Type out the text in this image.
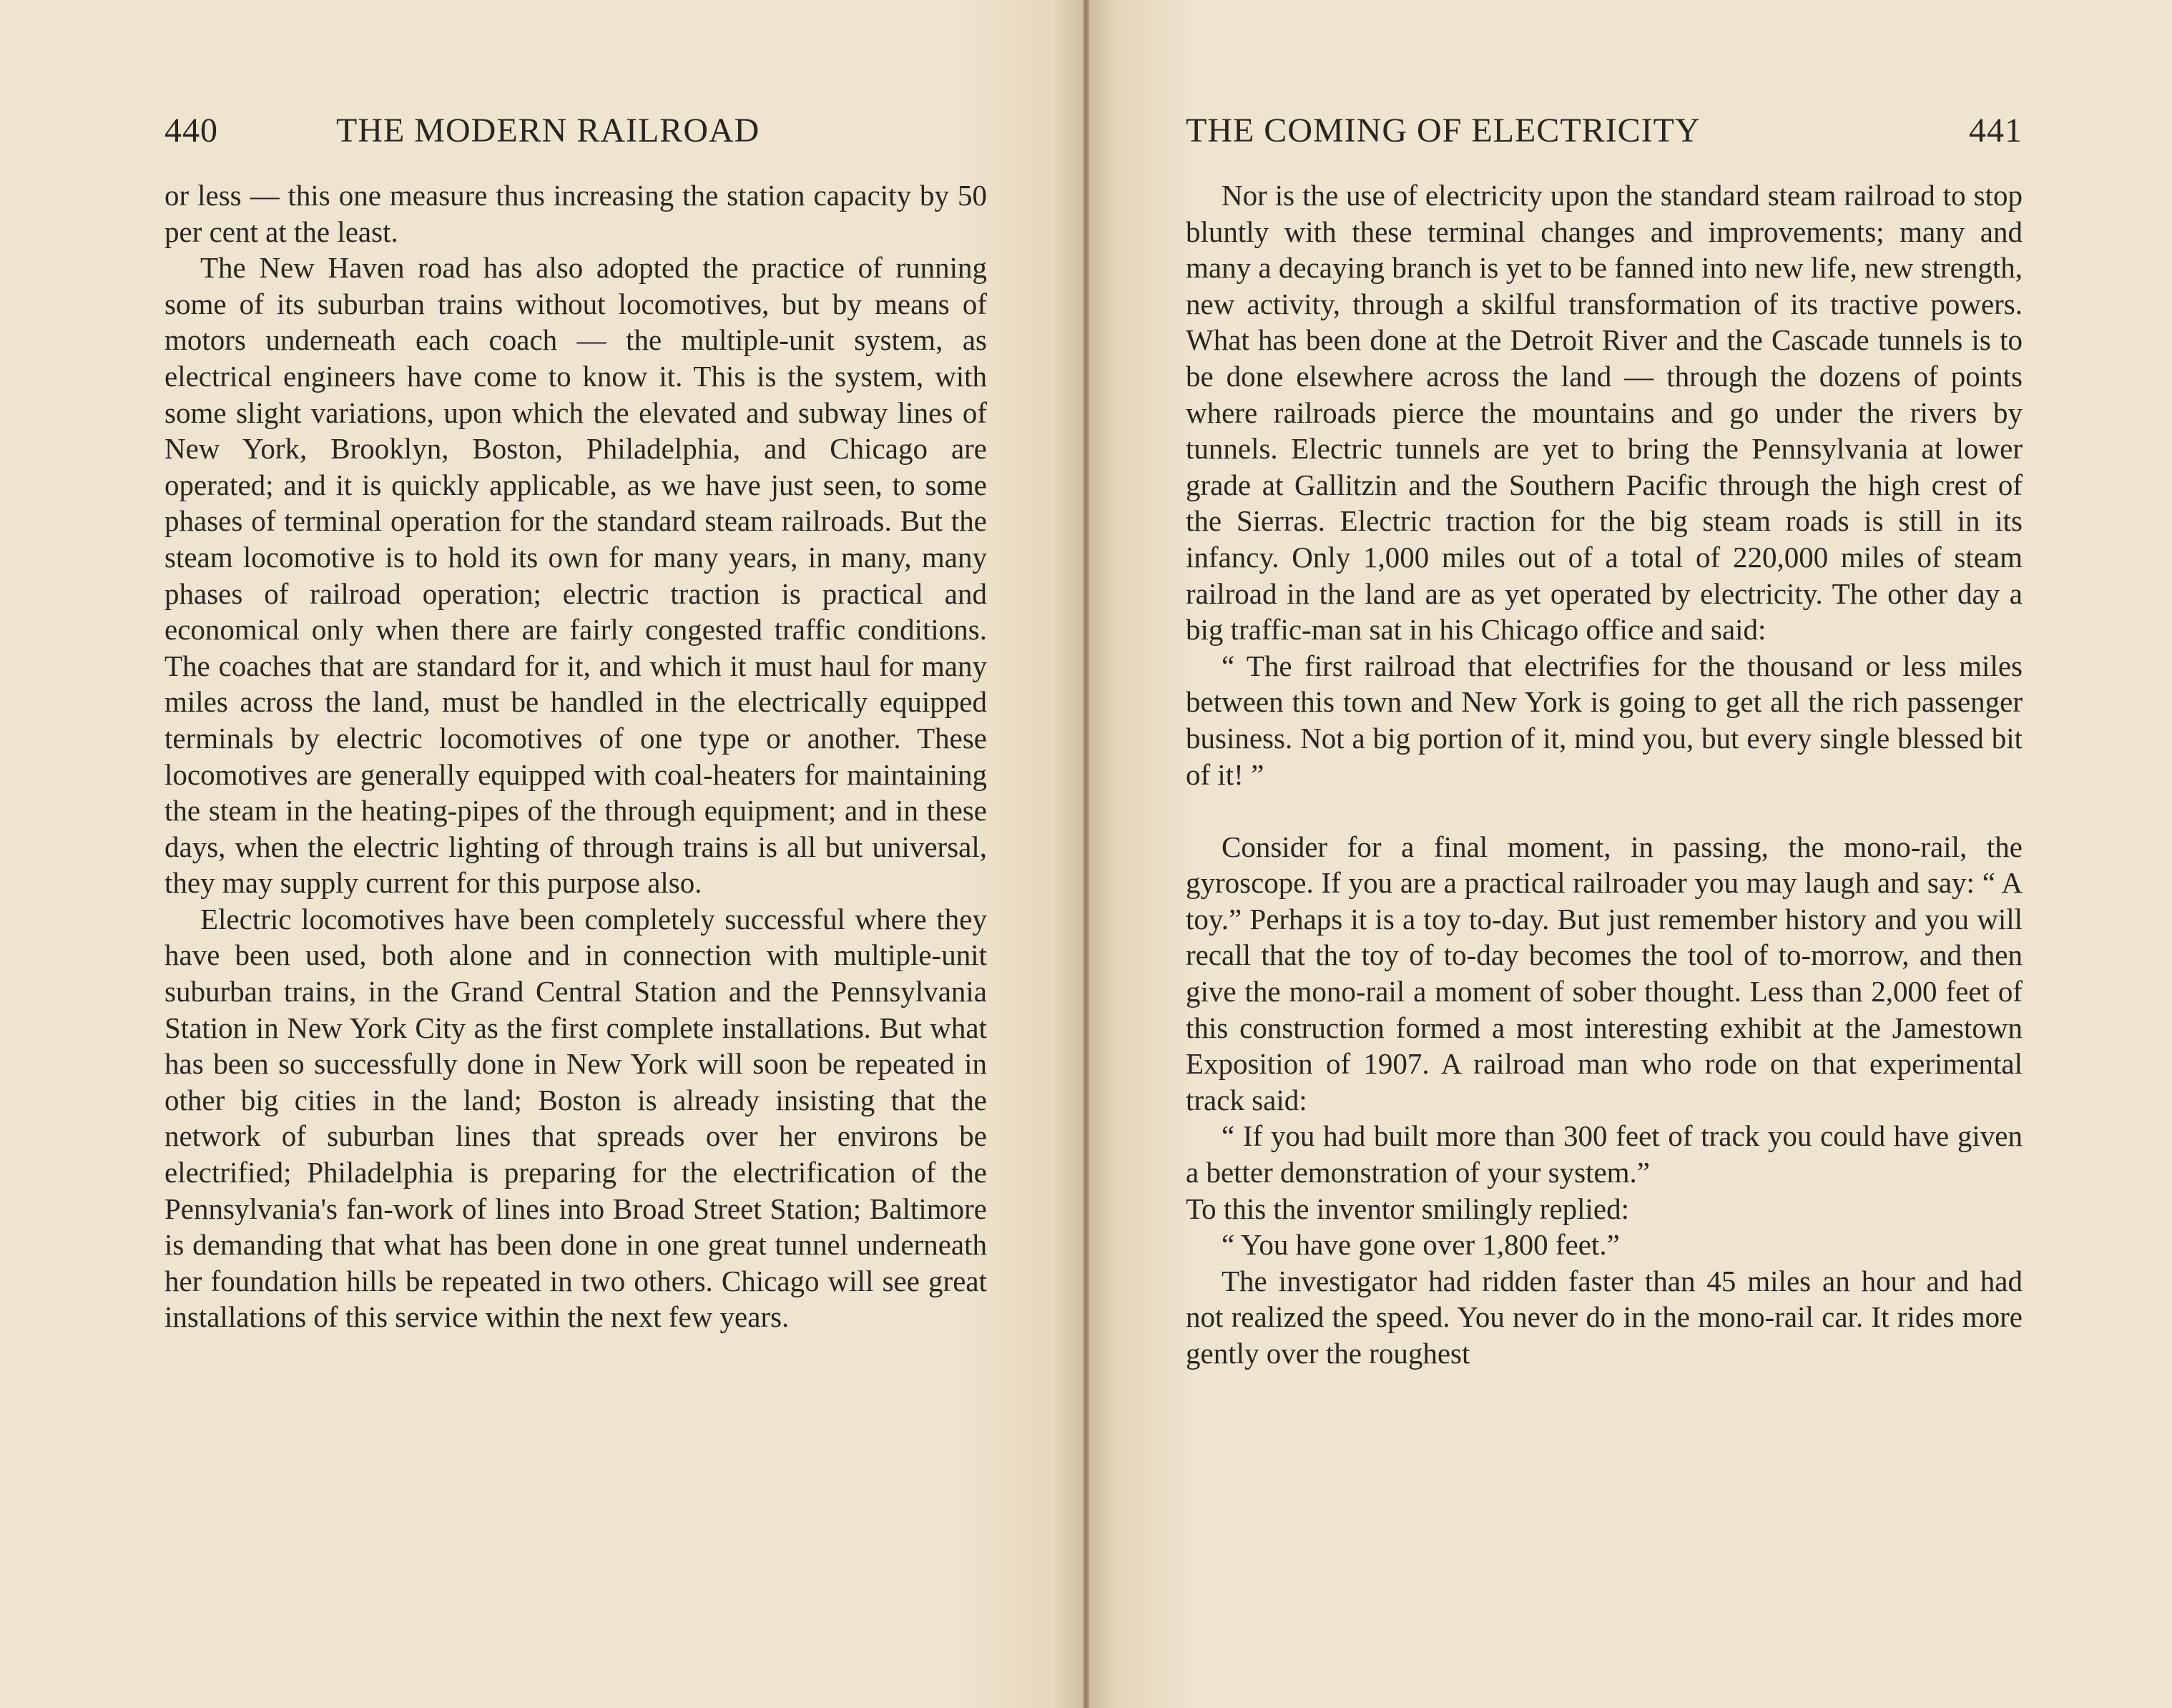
440	THE MODERN RAILROAD

or less — this one measure thus increasing the station capacity by 50 per cent at the least.

The New Haven road has also adopted the practice of running some of its suburban trains without locomotives, but by means of motors underneath each coach — the multiple-unit system, as electrical engineers have come to know it. This is the system, with some slight variations, upon which the elevated and subway lines of New York, Brooklyn, Boston, Philadelphia, and Chicago are operated; and it is quickly applicable, as we have just seen, to some phases of terminal operation for the standard steam railroads. But the steam locomotive is to hold its own for many years, in many, many phases of railroad operation; electric traction is practical and economical only when there are fairly congested traffic conditions. The coaches that are standard for it, and which it must haul for many miles across the land, must be handled in the electrically equipped terminals by electric locomotives of one type or another. These locomotives are generally equipped with coal-heaters for maintaining the steam in the heating-pipes of the through equipment; and in these days, when the electric lighting of through trains is all but universal, they may supply current for this purpose also.

Electric locomotives have been completely successful where they have been used, both alone and in connection with multiple-unit suburban trains, in the Grand Central Station and the Pennsylvania Station in New York City as the first complete installations. But what has been so successfully done in New York will soon be repeated in other big cities in the land; Boston is already insisting that the network of suburban lines that spreads over her environs be electrified; Philadelphia is preparing for the electrification of the Pennsylvania's fan-work of lines into Broad Street Station; Baltimore is demanding that what has been done in one great tunnel underneath her foundation hills be repeated in two others. Chicago will see great installations of this service within the next few years.

THE COMING OF ELECTRICITY	441

Nor is the use of electricity upon the standard steam railroad to stop bluntly with these terminal changes and improvements; many and many a decaying branch is yet to be fanned into new life, new strength, new activity, through a skilful transformation of its tractive powers. What has been done at the Detroit River and the Cascade tunnels is to be done elsewhere across the land — through the dozens of points where railroads pierce the mountains and go under the rivers by tunnels. Electric tunnels are yet to bring the Pennsylvania at lower grade at Gallitzin and the Southern Pacific through the high crest of the Sierras. Electric traction for the big steam roads is still in its infancy. Only 1,000 miles out of a total of 220,000 miles of steam railroad in the land are as yet operated by electricity. The other day a big traffic-man sat in his Chicago office and said:

“ The first railroad that electrifies for the thousand or less miles between this town and New York is going to get all the rich passenger business. Not a big portion of it, mind you, but every single blessed bit of it! ”

Consider for a final moment, in passing, the mono-rail, the gyroscope. If you are a practical railroader you may laugh and say: “ A toy.” Perhaps it is a toy to-day. But just remember history and you will recall that the toy of to-day becomes the tool of to-morrow, and then give the mono-rail a moment of sober thought. Less than 2,000 feet of this construction formed a most interesting exhibit at the Jamestown Exposition of 1907. A railroad man who rode on that experimental track said:

“ If you had built more than 300 feet of track you could have given a better demonstration of your system.”

To this the inventor smilingly replied:

“ You have gone over 1,800 feet.”

The investigator had ridden faster than 45 miles an hour and had not realized the speed. You never do in the mono-rail car. It rides more gently over the roughest
